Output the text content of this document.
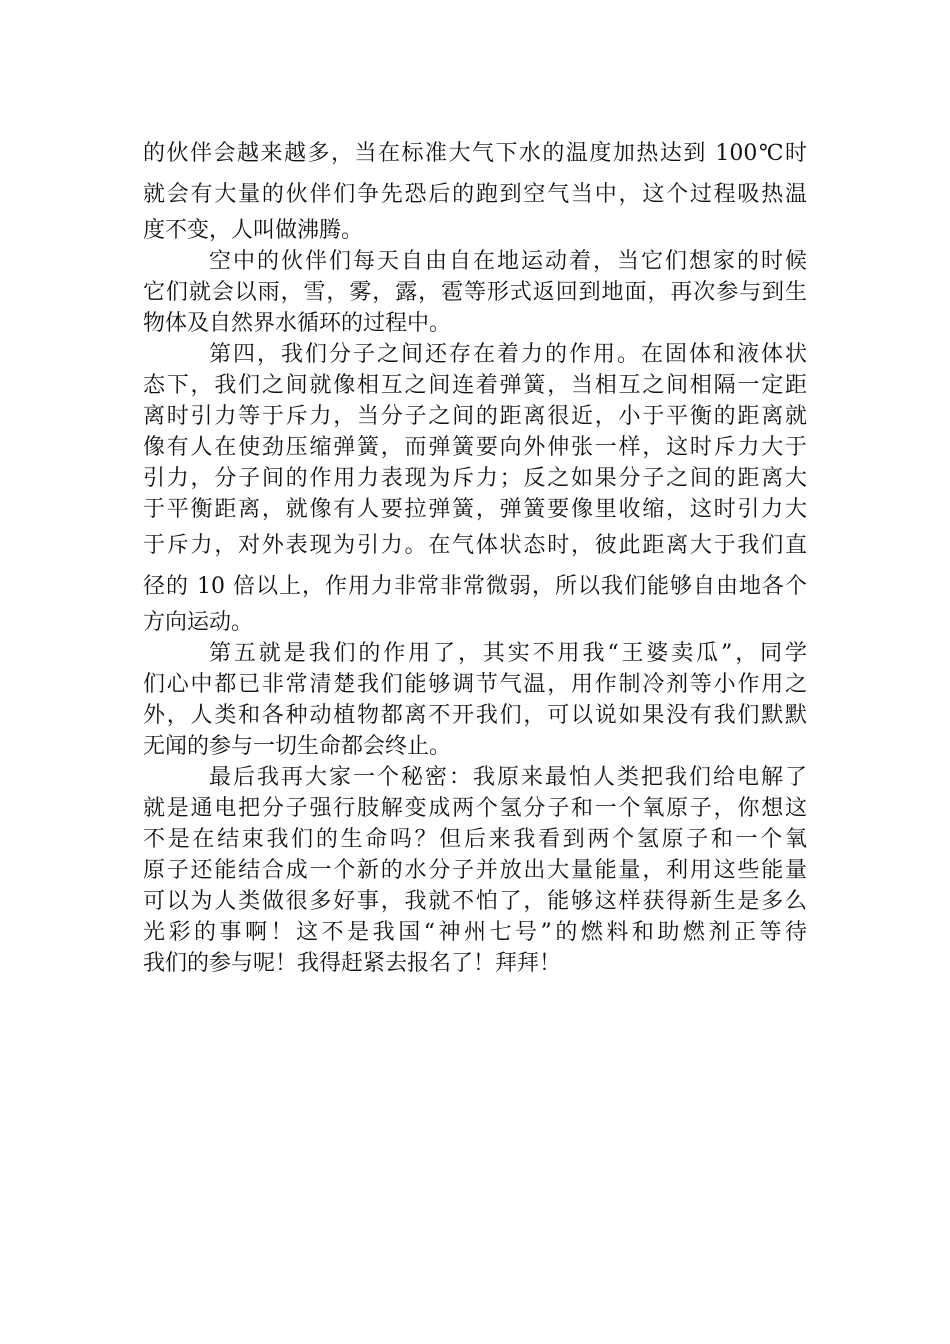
的伙伴会越来越多，当在标准大气下水的温度加热达到 100℃时
就会有大量的伙伴们争先恐后的跑到空气当中，这个过程吸热温
度不变，人叫做沸腾。

空中的伙伴们每天自由自在地运动着，当它们想家的时候
它们就会以雨，雪，雾，露，雹等形式返回到地面，再次参与到生
物体及自然界水循环的过程中。

第四，我们分子之间还存在着力的作用。在固体和液体状
态下，我们之间就像相互之间连着弹簧，当相互之间相隔一定距
离时引力等于斥力，当分子之间的距离很近，小于平衡的距离就
像有人在使劲压缩弹簧，而弹簧要向外伸张一样，这时斥力大于
引力，分子间的作用力表现为斥力；反之如果分子之间的距离大
于平衡距离，就像有人要拉弹簧，弹簧要像里收缩，这时引力大
于斥力，对外表现为引力。在气体状态时，彼此距离大于我们直
径的 10 倍以上，作用力非常非常微弱，所以我们能够自由地各个
方向运动。

第五就是我们的作用了，其实不用我“王婆卖瓜”，同学
们心中都已非常清楚我们能够调节气温，用作制冷剂等小作用之
外，人类和各种动植物都离不开我们，可以说如果没有我们默默
无闻的参与一切生命都会终止。

最后我再大家一个秘密：我原来最怕人类把我们给电解了
就是通电把分子强行肢解变成两个氢分子和一个氧原子，你想这
不是在结束我们的生命吗？但后来我看到两个氢原子和一个氧
原子还能结合成一个新的水分子并放出大量能量，利用这些能量
可以为人类做很多好事，我就不怕了，能够这样获得新生是多么
光彩的事啊！这不是我国“神州七号”的燃料和助燃剂正等待
我们的参与呢！我得赶紧去报名了！拜拜！
